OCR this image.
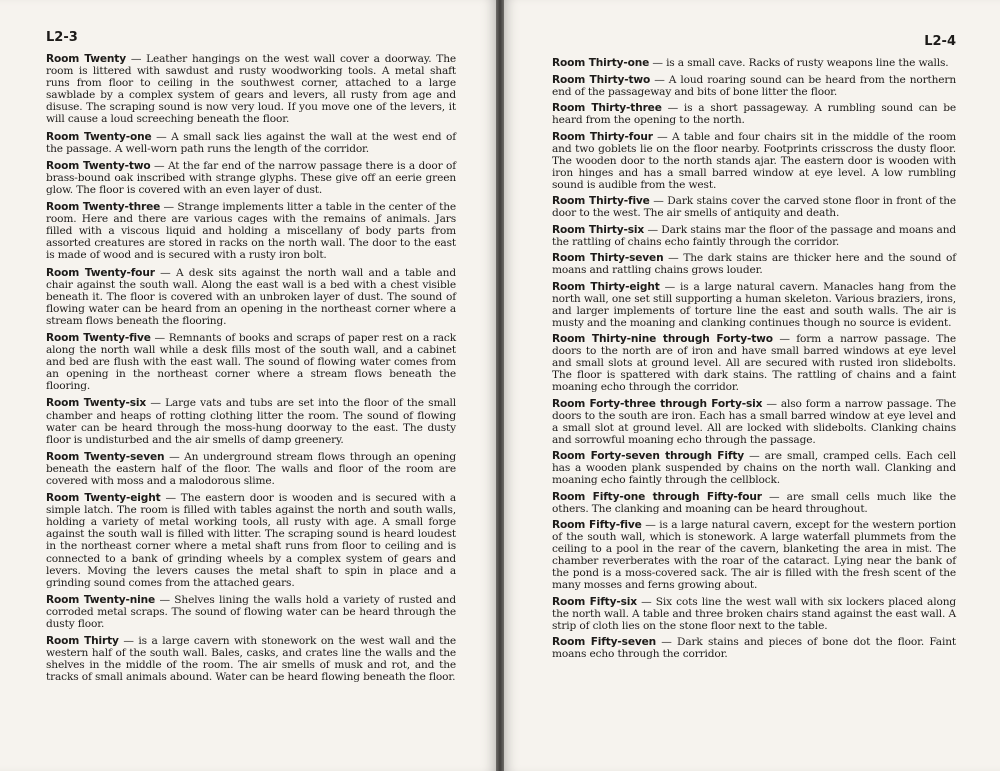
L2-3

Room Twenty — Leather hangings on the west wall cover a doorway. The room is littered with sawdust and rusty woodworking tools. A metal shaft runs from floor to ceiling in the southwest corner, attached to a large sawblade by a complex system of gears and levers, all rusty from age and disuse. The scraping sound is now very loud. If you move one of the levers, it will cause a loud screeching beneath the floor.

Room Twenty-one — A small sack lies against the wall at the west end of the passage. A well-worn path runs the length of the corridor.

Room Twenty-two — At the far end of the narrow passage there is a door of brass-bound oak inscribed with strange glyphs. These give off an eerie green glow. The floor is covered with an even layer of dust.

Room Twenty-three — Strange implements litter a table in the center of the room. Here and there are various cages with the remains of animals. Jars filled with a viscous liquid and holding a miscellany of body parts from assorted creatures are stored in racks on the north wall. The door to the east is made of wood and is secured with a rusty iron bolt.

Room Twenty-four — A desk sits against the north wall and a table and chair against the south wall. Along the east wall is a bed with a chest visible beneath it. The floor is covered with an unbroken layer of dust. The sound of flowing water can be heard from an opening in the northeast corner where a stream flows beneath the flooring.

Room Twenty-five — Remnants of books and scraps of paper rest on a rack along the north wall while a desk fills most of the south wall, and a cabinet and bed are flush with the east wall. The sound of flowing water comes from an opening in the northeast corner where a stream flows beneath the flooring.

Room Twenty-six — Large vats and tubs are set into the floor of the small chamber and heaps of rotting clothing litter the room. The sound of flowing water can be heard through the moss-hung doorway to the east. The dusty floor is undisturbed and the air smells of damp greenery.

Room Twenty-seven — An underground stream flows through an opening beneath the eastern half of the floor. The walls and floor of the room are covered with moss and a malodorous slime.

Room Twenty-eight — The eastern door is wooden and is secured with a simple latch. The room is filled with tables against the north and south walls, holding a variety of metal working tools, all rusty with age. A small forge against the south wall is filled with litter. The scraping sound is heard loudest in the northeast corner where a metal shaft runs from floor to ceiling and is connected to a bank of grinding wheels by a complex system of gears and levers. Moving the levers causes the metal shaft to spin in place and a grinding sound comes from the attached gears.

Room Twenty-nine — Shelves lining the walls hold a variety of rusted and corroded metal scraps. The sound of flowing water can be heard through the dusty floor.

Room Thirty — is a large cavern with stonework on the west wall and the western half of the south wall. Bales, casks, and crates line the walls and the shelves in the middle of the room. The air smells of musk and rot, and the tracks of small animals abound. Water can be heard flowing beneath the floor.

L2-4

Room Thirty-one — is a small cave. Racks of rusty weapons line the walls.

Room Thirty-two — A loud roaring sound can be heard from the northern end of the passageway and bits of bone litter the floor.

Room Thirty-three — is a short passageway. A rumbling sound can be heard from the opening to the north.

Room Thirty-four — A table and four chairs sit in the middle of the room and two goblets lie on the floor nearby. Footprints crisscross the dusty floor. The wooden door to the north stands ajar. The eastern door is wooden with iron hinges and has a small barred window at eye level. A low rumbling sound is audible from the west.

Room Thirty-five — Dark stains cover the carved stone floor in front of the door to the west. The air smells of antiquity and death.

Room Thirty-six — Dark stains mar the floor of the passage and moans and the rattling of chains echo faintly through the corridor.

Room Thirty-seven — The dark stains are thicker here and the sound of moans and rattling chains grows louder.

Room Thirty-eight — is a large natural cavern. Manacles hang from the north wall, one set still supporting a human skeleton. Various braziers, irons, and larger implements of torture line the east and south walls. The air is musty and the moaning and clanking continues though no source is evident.

Room Thirty-nine through Forty-two — form a narrow passage. The doors to the north are of iron and have small barred windows at eye level and small slots at ground level. All are secured with rusted iron slidebolts. The floor is spattered with dark stains. The rattling of chains and a faint moaning echo through the corridor.

Room Forty-three through Forty-six — also form a narrow passage. The doors to the south are iron. Each has a small barred window at eye level and a small slot at ground level. All are locked with slidebolts. Clanking chains and sorrowful moaning echo through the passage.

Room Forty-seven through Fifty — are small, cramped cells. Each cell has a wooden plank suspended by chains on the north wall. Clanking and moaning echo faintly through the cellblock.

Room Fifty-one through Fifty-four — are small cells much like the others. The clanking and moaning can be heard throughout.

Room Fifty-five — is a large natural cavern, except for the western portion of the south wall, which is stonework. A large waterfall plummets from the ceiling to a pool in the rear of the cavern, blanketing the area in mist. The chamber reverberates with the roar of the cataract. Lying near the bank of the pond is a moss-covered sack. The air is filled with the fresh scent of the many mosses and ferns growing about.

Room Fifty-six — Six cots line the west wall with six lockers placed along the north wall. A table and three broken chairs stand against the east wall. A strip of cloth lies on the stone floor next to the table.

Room Fifty-seven — Dark stains and pieces of bone dot the floor. Faint moans echo through the corridor.
